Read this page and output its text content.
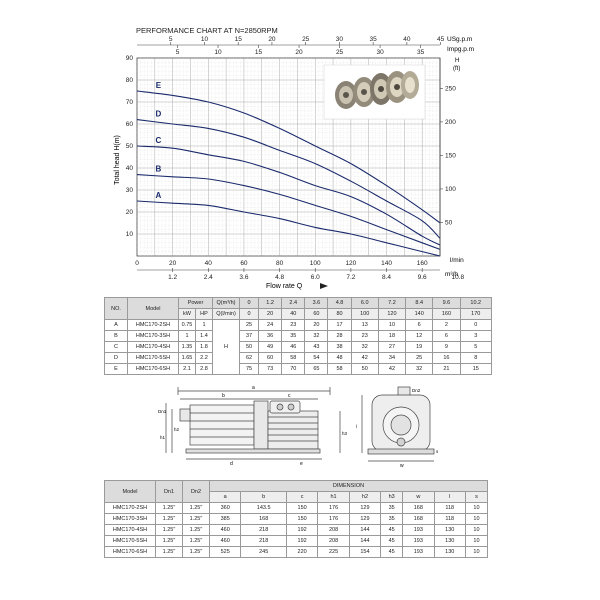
PERFORMANCE CHART AT N=2850RPM
A
B
C
D
E
0	20	40	60	80	100	120	140	160
1.2	2.4	3.6	4.8	6.0	7.2	8.4	9.6	10.8
10
20
30
40
50
60
70
80
90
50
100
150
200
250
5	10	15	20	25	30	35	40	45
5	10	15	20	25	30	35
USg.p.m
Impg.p.m
H
(ft)
l/min
m³/h
Total head H(m)
Flow rate Q
NO.	Model	Power		Q(m³/h)	0	1.2	2.4	3.6	4.8	6.0	7.2	8.4	9.6	10.2
		kW	HP	Q(l/min)	0	20	40	60	80	100	120	140	160	170
A	HMC170-2SH	0.75	1	H	25	24	23	20	17	13	10	6	2	0
B	HMC170-3SH	1	1.4		37	36	35	32	28	23	18	12	6	3
C	HMC170-4SH	1.35	1.8		50	49	46	43	38	32	27	19	9	5
D	HMC170-5SH	1.65	2.2		62	60	58	54	48	42	34	25	16	8
E	HMC170-6SH	2.1	2.8		75	73	70	65	58	50	42	32	21	15
a
b	c
Dn1
h1
h2
d	e
h3
Dn2
s
w
l
Model	Dn1	Dn2	DIMENSION								
			a	b	c	h1	h2	h3	w	l	s
HMC170-2SH	1.25"	1.25"	360	143.5	150	176	129	35	168	118	10
HMC170-3SH	1.25"	1.25"	385	168	150	176	129	35	168	118	10
HMC170-4SH	1.25"	1.25"	460	218	192	208	144	45	193	130	10
HMC170-5SH	1.25"	1.25"	460	218	192	208	144	45	193	130	10
HMC170-6SH	1.25"	1.25"	525	245	220	225	154	45	193	130	10
